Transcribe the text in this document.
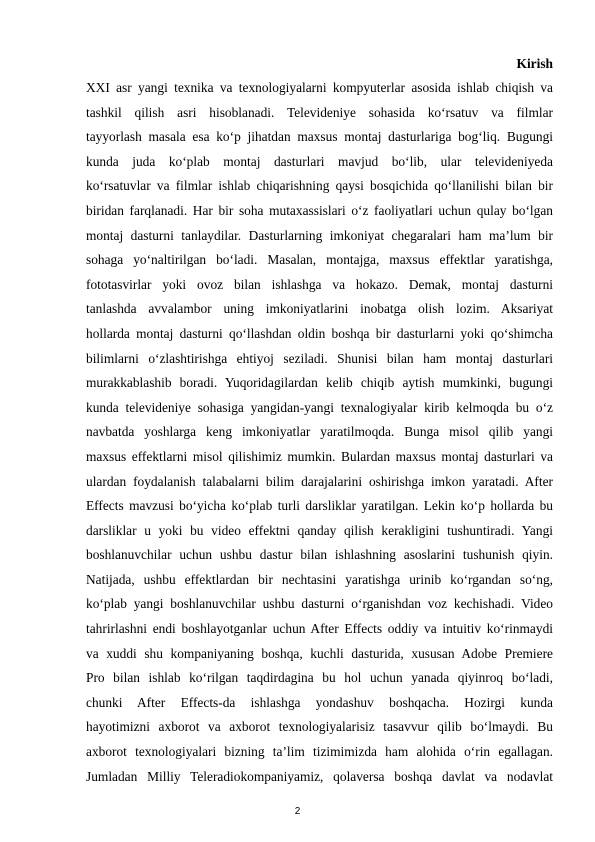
Kirish
XXI asr yangi texnika va texnologiyalarni kompyuterlar asosida ishlab chiqish va
tashkil qilish asri hisoblanadi. Televideniye sohasida ko‘rsatuv va filmlar
tayyorlash masala esa ko‘p jihatdan maxsus montaj dasturlariga bog‘liq. Bugungi
kunda juda ko‘plab montaj dasturlari mavjud bo‘lib, ular televideniyeda
ko‘rsatuvlar va filmlar ishlab chiqarishning qaysi bosqichida qo‘llanilishi bilan bir
biridan farqlanadi. Har bir soha mutaxassislari o‘z faoliyatlari uchun qulay bo‘lgan
montaj dasturni tanlaydilar. Dasturlarning imkoniyat chegaralari ham ma’lum bir
sohaga yo‘naltirilgan bo‘ladi. Masalan, montajga, maxsus effektlar yaratishga,
fototasvirlar yoki ovoz bilan ishlashga va hokazo. Demak, montaj dasturni
tanlashda avvalambor uning imkoniyatlarini inobatga olish lozim. Aksariyat
hollarda montaj dasturni qo‘llashdan oldin boshqa bir dasturlarni yoki qo‘shimcha
bilimlarni o‘zlashtirishga ehtiyoj seziladi. Shunisi bilan ham montaj dasturlari
murakkablashib boradi. Yuqoridagilardan kelib chiqib aytish mumkinki, bugungi
kunda televideniye sohasiga yangidan-yangi texnalogiyalar kirib kelmoqda bu o‘z
navbatda yoshlarga keng imkoniyatlar yaratilmoqda. Bunga misol qilib yangi
maxsus effektlarni misol qilishimiz mumkin. Bulardan maxsus montaj dasturlari va
ulardan foydalanish talabalarni bilim darajalarini oshirishga imkon yaratadi. After
Effects mavzusi bo‘yicha ko‘plab turli darsliklar yaratilgan. Lekin ko‘p hollarda bu
darsliklar u yoki bu video effektni qanday qilish kerakligini tushuntiradi. Yangi
boshlanuvchilar uchun ushbu dastur bilan ishlashning asoslarini tushunish qiyin.
Natijada, ushbu effektlardan bir nechtasini yaratishga urinib ko‘rgandan so‘ng,
ko‘plab yangi boshlanuvchilar ushbu dasturni o‘rganishdan voz kechishadi. Video
tahrirlashni endi boshlayotganlar uchun After Effects oddiy va intuitiv ko‘rinmaydi
va xuddi shu kompaniyaning boshqa, kuchli dasturida, xususan Adobe Premiere
Pro bilan ishlab ko‘rilgan taqdirdagina bu hol uchun yanada qiyinroq bo‘ladi,
chunki After Effects-da ishlashga yondashuv boshqacha. Hozirgi kunda
hayotimizni axborot va axborot texnologiyalarisiz tasavvur qilib bo‘lmaydi. Bu
axborot texnologiyalari bizning ta’lim tizimimizda ham alohida o‘rin egallagan.
Jumladan Milliy Teleradiokompaniyamiz, qolaversa boshqa davlat va nodavlat
2
